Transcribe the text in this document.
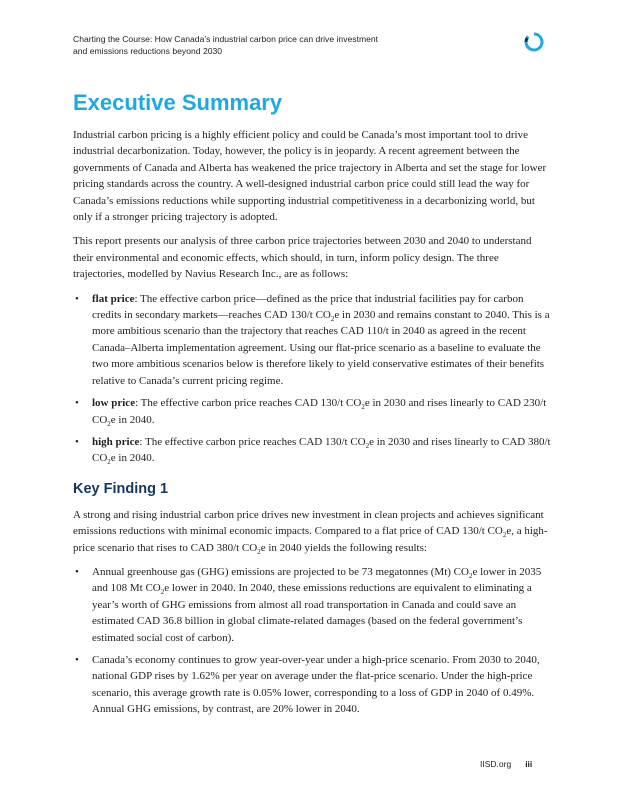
Charting the Course: How Canada’s industrial carbon price can drive investment
and emissions reductions beyond 2030
Executive Summary

Industrial carbon pricing is a highly efficient policy and could be Canada’s most important tool to drive industrial decarbonization. Today, however, the policy is in jeopardy. A recent agreement between the governments of Canada and Alberta has weakened the price trajectory in Alberta and set the stage for lower pricing standards across the country. A well-designed industrial carbon price could still lead the way for Canada’s emissions reductions while supporting industrial competitiveness in a decarbonizing world, but only if a stronger pricing trajectory is adopted.

This report presents our analysis of three carbon price trajectories between 2030 and 2040 to understand their environmental and economic effects, which should, in turn, inform policy design. The three trajectories, modelled by Navius Research Inc., are as follows:

• flat price: The effective carbon price—defined as the price that industrial facilities pay for carbon credits in secondary markets—reaches CAD 130/t $CO_2e$ in 2030 and remains constant to 2040. This is a more ambitious scenario than the trajectory that reaches CAD 110/t in 2040 as agreed in the recent Canada–Alberta implementation agreement. Using our flat-price scenario as a baseline to evaluate the two more ambitious scenarios below is therefore likely to yield conservative estimates of their benefits relative to Canada’s current pricing regime.
• low price: The effective carbon price reaches CAD 130/t $CO_2e$ in 2030 and rises linearly to CAD 230/t $CO_2e$ in 2040.
• high price: The effective carbon price reaches CAD 130/t $CO_2e$ in 2030 and rises linearly to CAD 380/t $CO_2e$ in 2040.
Key Finding 1

A strong and rising industrial carbon price drives new investment in clean projects and achieves significant emissions reductions with minimal economic impacts. Compared to a flat price of CAD 130/t $CO_2e$, a high-price scenario that rises to CAD 380/t $CO_2e$ in 2040 yields the following results:

• Annual greenhouse gas (GHG) emissions are projected to be 73 megatonnes (Mt) $CO_2e$ lower in 2035 and 108 Mt $CO_2e$ lower in 2040. In 2040, these emissions reductions are equivalent to eliminating a year’s worth of GHG emissions from almost all road transportation in Canada and could save an estimated CAD 36.8 billion in global climate-related damages (based on the federal government’s estimated social cost of carbon).
• Canada’s economy continues to grow year-over-year under a high-price scenario. From 2030 to 2040, national GDP rises by 1.62% per year on average under the flat-price scenario. Under the high-price scenario, this average growth rate is 0.05% lower, corresponding to a loss of GDP in 2040 of 0.49%. Annual GHG emissions, by contrast, are 20% lower in 2040.
IISD.org iii
